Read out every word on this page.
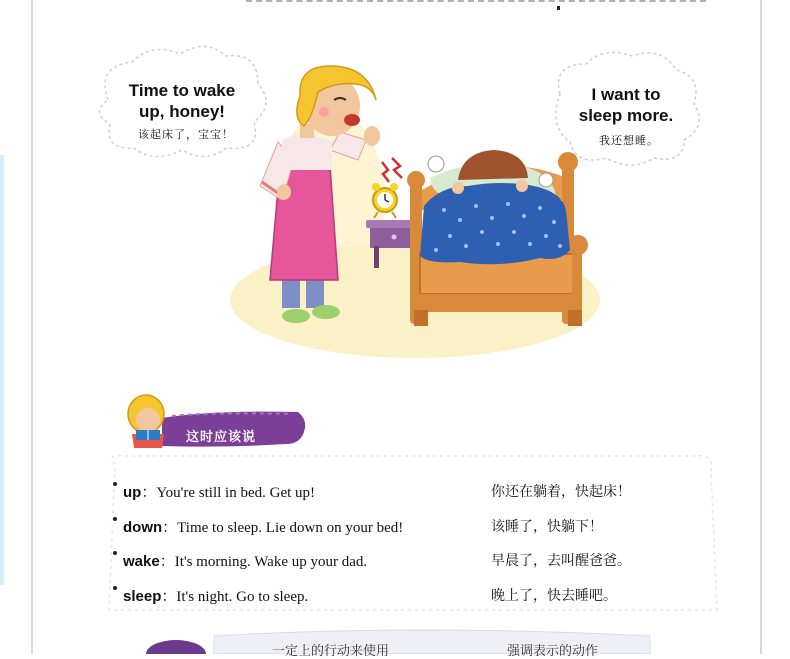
Time to wake up, honey!

该起床了，宝宝！

I want to sleep more.

我还想睡。

这时应该说

up：You're still in bed. Get up!	你还在躺着，快起床！
down：Time to sleep. Lie down on your bed!	该睡了，快躺下！
wake：It's morning. Wake up your dad.	早晨了，去叫醒爸爸。
sleep：It's night. Go to sleep.	晚上了，快去睡吧。

一定上的行动来使用	强调表示的动作
